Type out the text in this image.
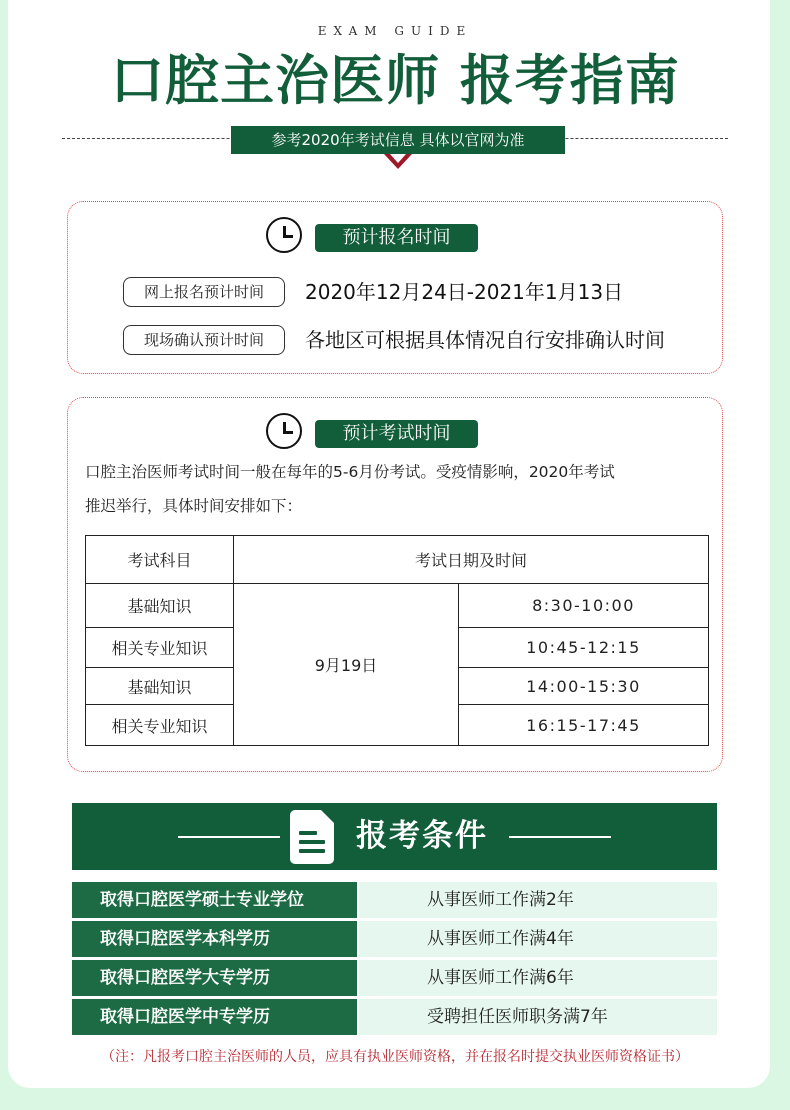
EXAM GUIDE
口腔主治医师 报考指南
参考2020年考试信息 具体以官网为准
预计报名时间
网上报名预计时间	2020年12月24日-2021年1月13日
现场确认预计时间	各地区可根据具体情况自行安排确认时间
预计考试时间
口腔主治医师考试时间一般在每年的5-6月份考试。受疫情影响，2020年考试
推迟举行，具体时间安排如下：
考试科目	考试日期及时间	
基础知识	9月19日	8:30-10:00
相关专业知识		10:45-12:15
基础知识		14:00-15:30
相关专业知识		16:15-17:45
报考条件
取得口腔医学硕士专业学位	从事医师工作满2年
取得口腔医学本科学历	从事医师工作满4年
取得口腔医学大专学历	从事医师工作满6年
取得口腔医学中专学历	受聘担任医师职务满7年
（注：凡报考口腔主治医师的人员，应具有执业医师资格，并在报名时提交执业医师资格证书）
